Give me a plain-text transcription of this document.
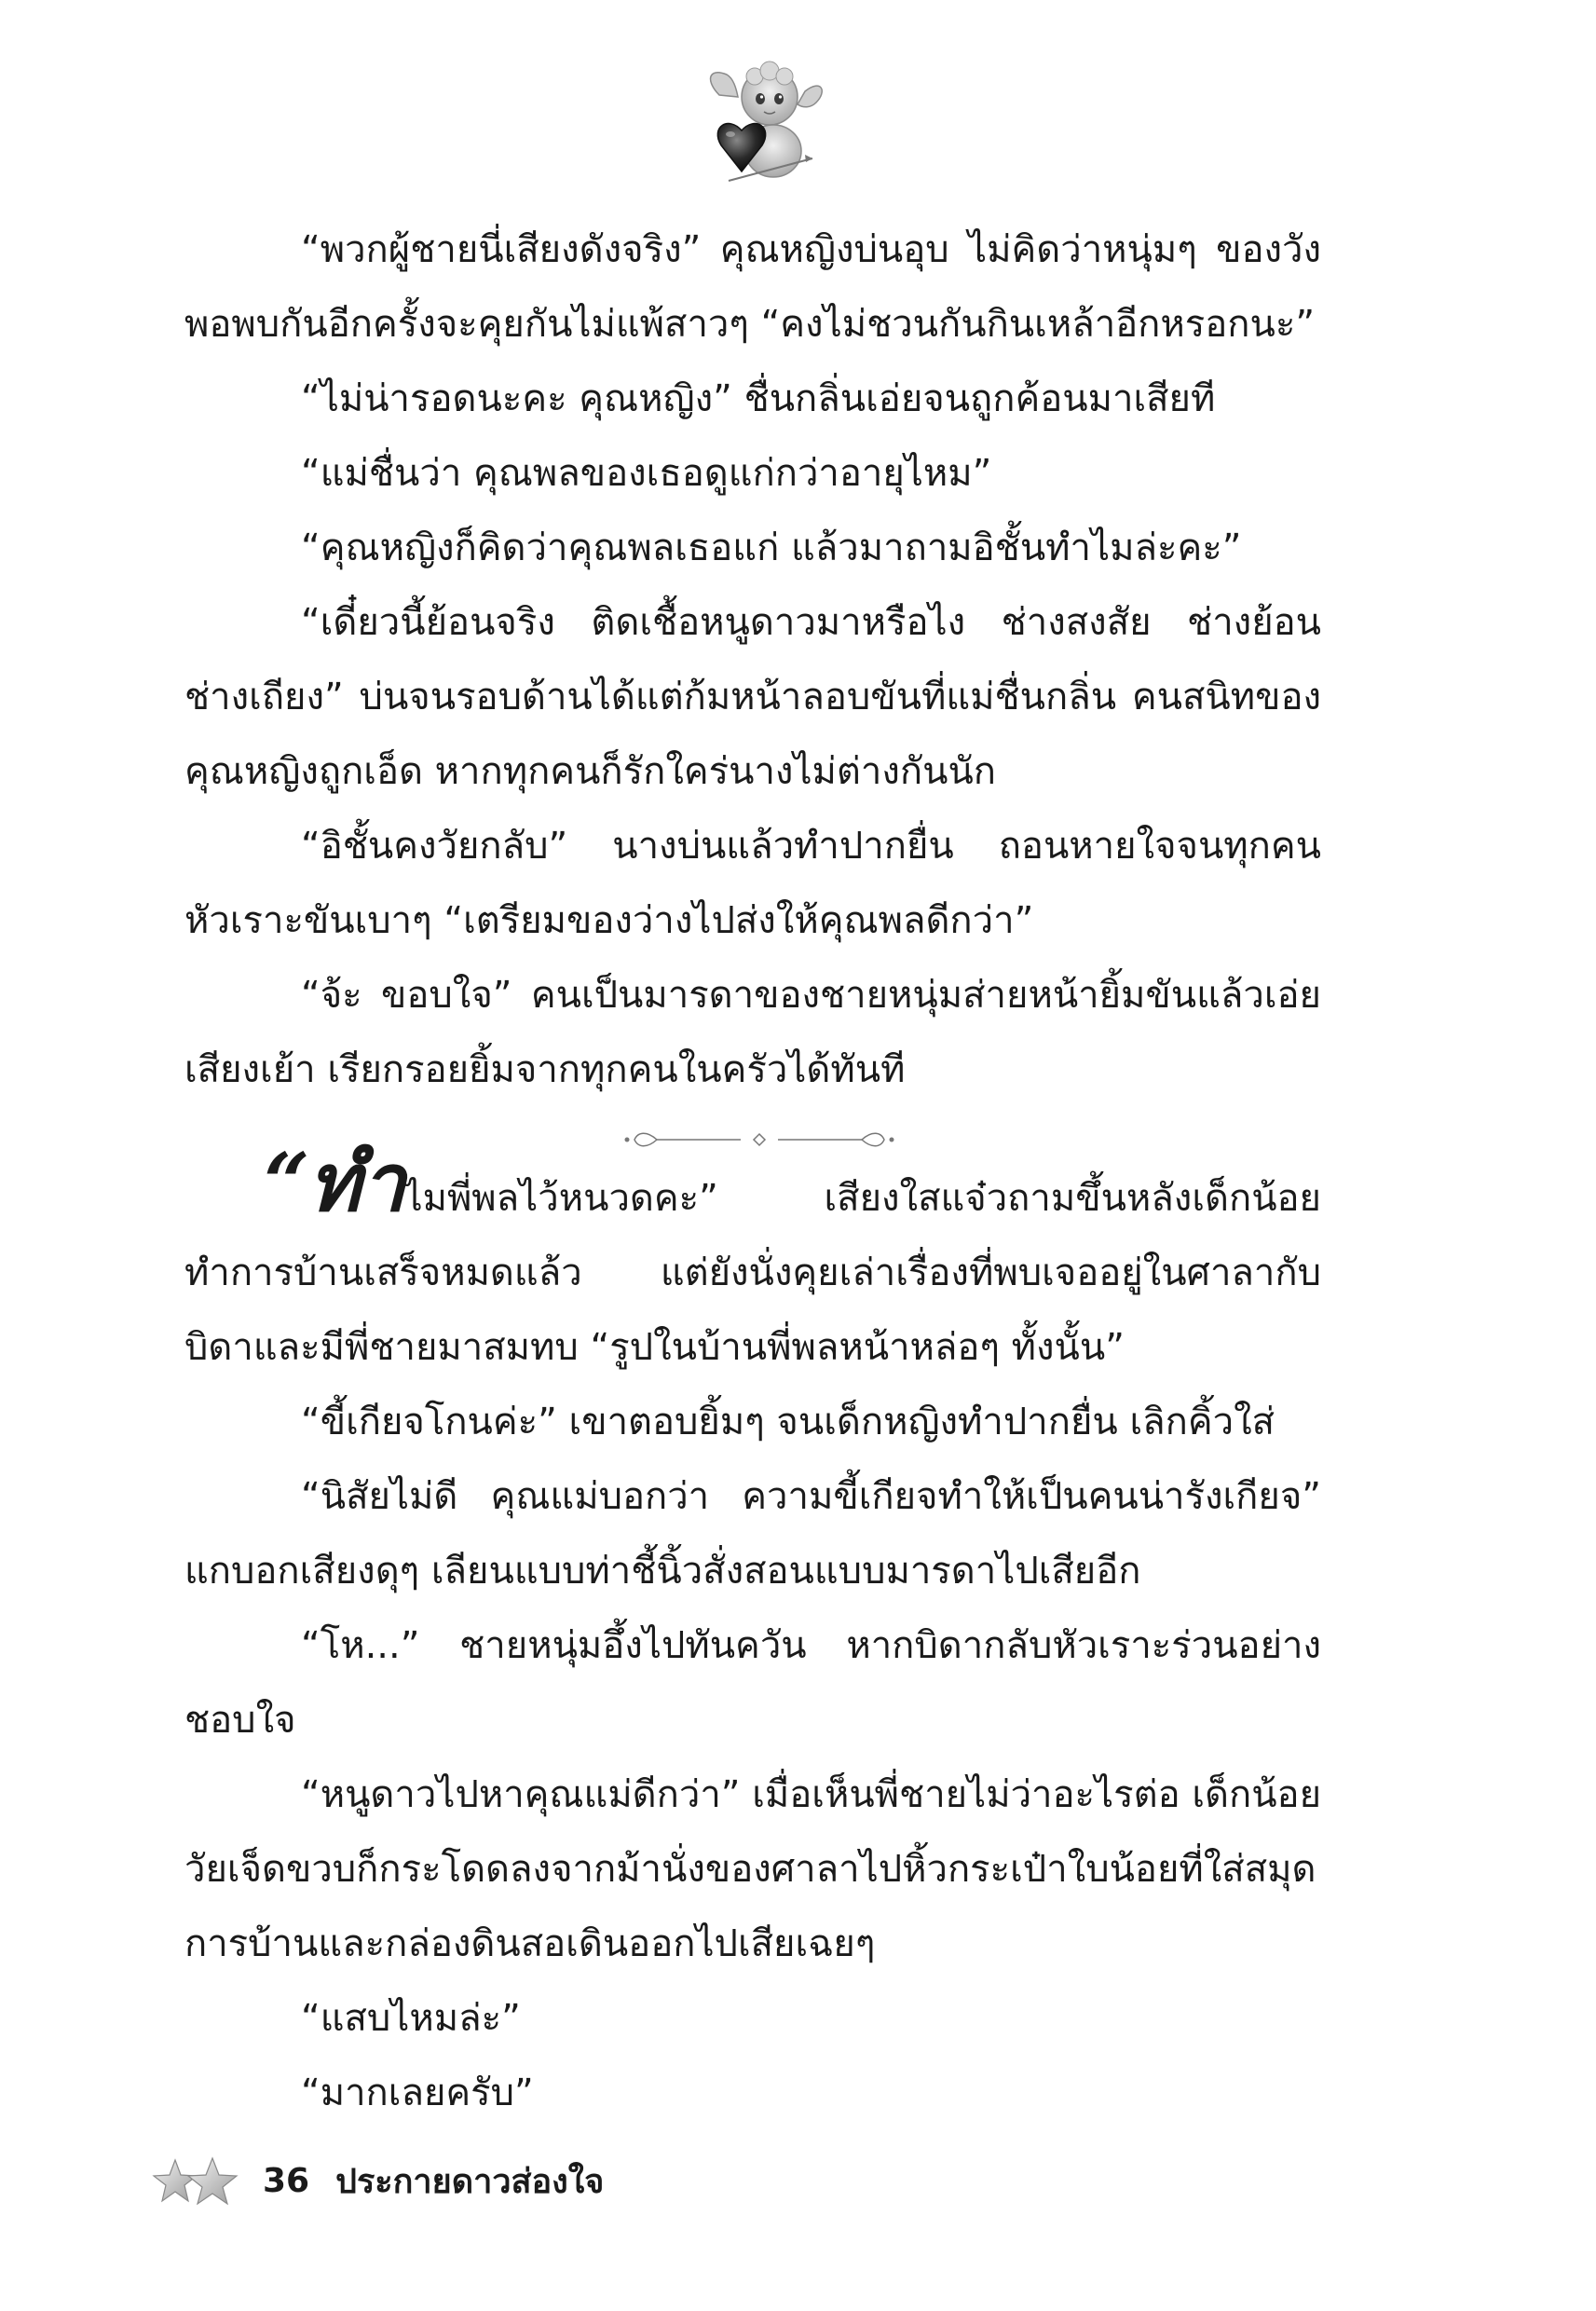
“พวกผู้ชายนี่เสียงดังจริง” คุณหญิงบ่นอุบ ไม่คิดว่าหนุ่มๆ ของวังพอพบกันอีกครั้งจะคุยกันไม่แพ้สาวๆ “คงไม่ชวนกันกินเหล้าอีกหรอกนะ”

“ไม่น่ารอดนะคะ คุณหญิง” ชื่นกลิ่นเอ่ยจนถูกค้อนมาเสียที

“แม่ชื่นว่า คุณพลของเธอดูแก่กว่าอายุไหม”

“คุณหญิงก็คิดว่าคุณพลเธอแก่ แล้วมาถามอิชั้นทำไมล่ะคะ”

“เดี๋ยวนี้ย้อนจริง ติดเชื้อหนูดาวมาหรือไง ช่างสงสัย ช่างย้อน ช่างเถียง” บ่นจนรอบด้านได้แต่ก้มหน้าลอบขันที่แม่ชื่นกลิ่น คนสนิทของคุณหญิงถูกเอ็ด หากทุกคนก็รักใคร่นางไม่ต่างกันนัก

“อิชั้นคงวัยกลับ” นางบ่นแล้วทำปากยื่น ถอนหายใจจนทุกคนหัวเราะขันเบาๆ “เตรียมของว่างไปส่งให้คุณพลดีกว่า”

“จ้ะ ขอบใจ” คนเป็นมารดาของชายหนุ่มส่ายหน้ายิ้มขันแล้วเอ่ยเสียงเย้า เรียกรอยยิ้มจากทุกคนในครัวได้ทันที

“ทำไมพี่พลไว้หนวดคะ” เสียงใสแจ๋วถามขึ้นหลังเด็กน้อยทำการบ้านเสร็จหมดแล้ว แต่ยังนั่งคุยเล่าเรื่องที่พบเจออยู่ในศาลากับบิดาและมีพี่ชายมาสมทบ “รูปในบ้านพี่พลหน้าหล่อๆ ทั้งนั้น”

“ขี้เกียจโกนค่ะ” เขาตอบยิ้มๆ จนเด็กหญิงทำปากยื่น เลิกคิ้วใส่

“นิสัยไม่ดี คุณแม่บอกว่า ความขี้เกียจทำให้เป็นคนน่ารังเกียจ” แกบอกเสียงดุๆ เลียนแบบท่าชี้นิ้วสั่งสอนแบบมารดาไปเสียอีก

“โห...” ชายหนุ่มอึ้งไปทันควัน หากบิดากลับหัวเราะร่วนอย่างชอบใจ

“หนูดาวไปหาคุณแม่ดีกว่า” เมื่อเห็นพี่ชายไม่ว่าอะไรต่อ เด็กน้อยวัยเจ็ดขวบก็กระโดดลงจากม้านั่งของศาลาไปหิ้วกระเป๋าใบน้อยที่ใส่สมุดการบ้านและกล่องดินสอเดินออกไปเสียเฉยๆ

“แสบไหมล่ะ”

“มากเลยครับ”

36 ประกายดาวส่องใจ
